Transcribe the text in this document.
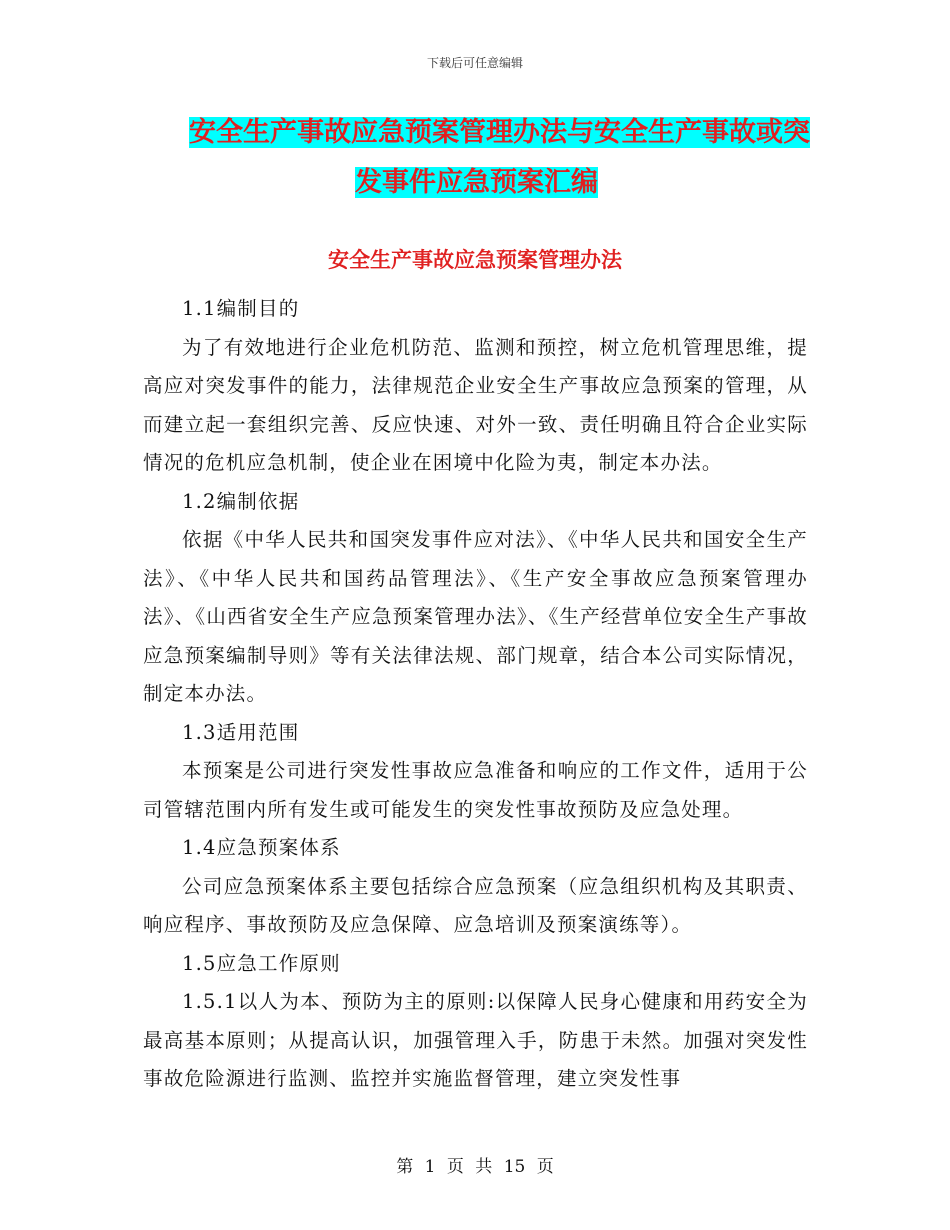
下载后可任意编辑
安全生产事故应急预案管理办法与安全生产事故或突
发事件应急预案汇编
安全生产事故应急预案管理办法

1.1编制目的

为了有效地进行企业危机防范、监测和预控，树立危机管理思维，提高应对突发事件的能力，法律规范企业安全生产事故应急预案的管理，从而建立起一套组织完善、反应快速、对外一致、责任明确且符合企业实际情况的危机应急机制，使企业在困境中化险为夷，制定本办法。

1.2编制依据

依据《中华人民共和国突发事件应对法》、《中华人民共和国安全生产法》、《中华人民共和国药品管理法》、《生产安全事故应急预案管理办法》、《山西省安全生产应急预案管理办法》、《生产经营单位安全生产事故应急预案编制导则》等有关法律法规、部门规章，结合本公司实际情况，制定本办法。

1.3适用范围

本预案是公司进行突发性事故应急准备和响应的工作文件，适用于公司管辖范围内所有发生或可能发生的突发性事故预防及应急处理。

1.4应急预案体系

公司应急预案体系主要包括综合应急预案（应急组织机构及其职责、响应程序、事故预防及应急保障、应急培训及预案演练等）。

1.5应急工作原则

1.5.1以人为本、预防为主的原则:以保障人民身心健康和用药安全为最高基本原则；从提高认识，加强管理入手，防患于未然。加强对突发性事故危险源进行监测、监控并实施监督管理，建立突发性事

第 1 页 共 15 页
